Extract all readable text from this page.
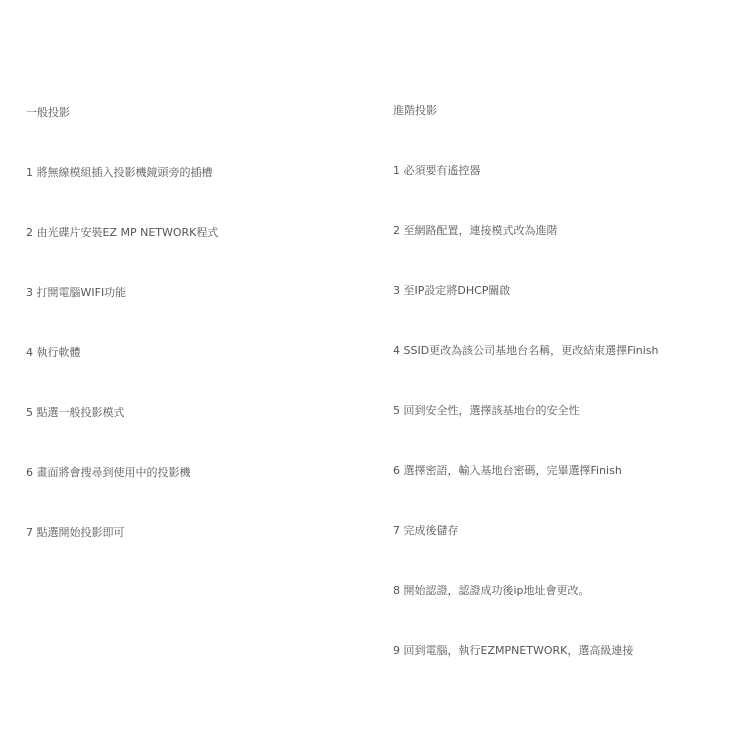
一般投影
1 將無線模組插入投影機鏡頭旁的插槽
2 由光碟片安裝EZ MP NETWORK程式
3 打開電腦WIFI功能
4 執行軟體
5 點選一般投影模式
6 畫面將會搜尋到使用中的投影機
7 點選開始投影即可
進階投影
1 必須要有遙控器
2 至網路配置，連接模式改為進階
3 至IP設定將DHCP關啟
4 SSID更改為該公司基地台名稱，更改結束選擇Finish
5 回到安全性，選擇該基地台的安全性
6 選擇密語，輸入基地台密碼，完畢選擇Finish
7 完成後儲存
8 開始認證，認證成功後ip地址會更改。
9 回到電腦，執行EZMPNETWORK，選高級連接
